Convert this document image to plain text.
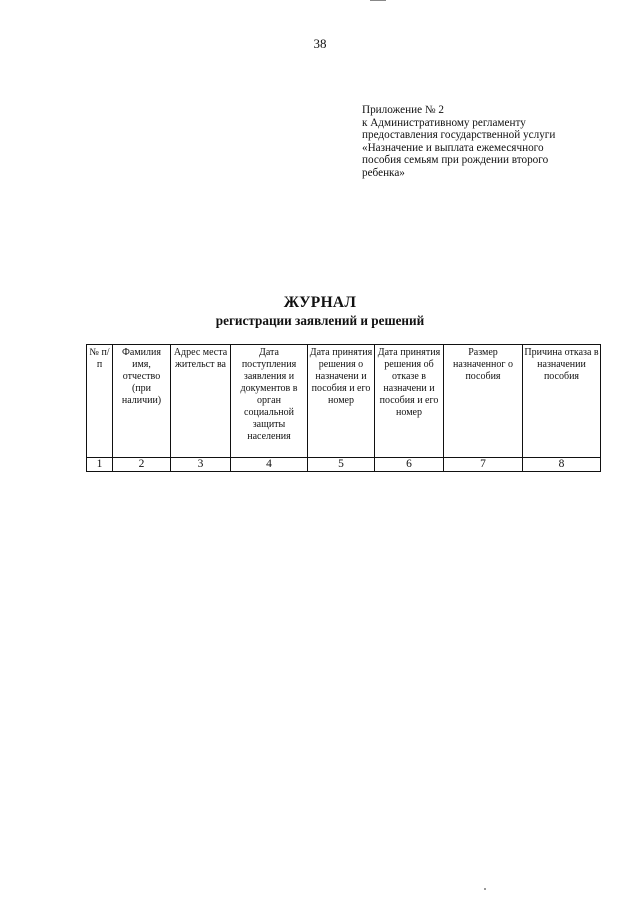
38
Приложение № 2
к Административному регламенту
предоставления государственной услуги
«Назначение и выплата ежемесячного
пособия семьям при рождении второго
ребенка»
ЖУРНАЛ
регистрации заявлений и решений
№ п/ п	Фамилия имя, отчество (при наличии)	Адрес места жительст ва	Дата поступления заявления и документов в орган социальной защиты населения	Дата принятия решения о назначени и пособия и его номер	Дата принятия решения об отказе в назначени и пособия и его номер	Размер назначенног о пособия	Причина отказа в назначении пособия

1	2	3	4	5	6	7	8
